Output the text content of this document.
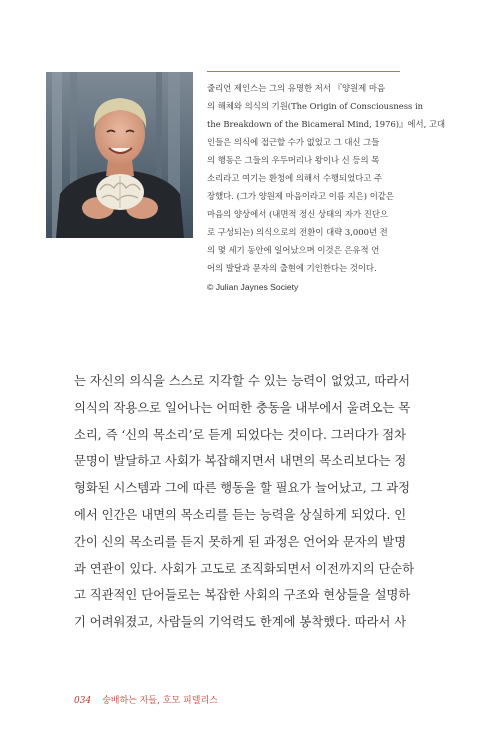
줄리언 제인스는 그의 유명한 저서 『양원제 마음
의 해체와 의식의 기원(The Origin of Consciousness in
the Breakdown of the Bicameral Mind, 1976)』에서, 고대
인들은 의식에 접근할 수가 없었고 그 대신 그들
의 행동은 그들의 우두머리나 왕이나 신 등의 목
소리라고 여기는 환청에 의해서 수행되었다고 주
장했다. (그가 양원제 마음이라고 이름 지은) 이같은
마음의 양상에서 (내면적 정신 상태의 자가 진단으
로 구성되는) 의식으로의 전환이 대략 3,000년 전
의 몇 세기 동안에 일어났으며 이것은 은유적 언
어의 발달과 문자의 출현에 기인한다는 것이다.
© Julian Jaynes Society
는 자신의 의식을 스스로 지각할 수 있는 능력이 없었고, 따라서
의식의 작용으로 일어나는 어떠한 충동을 내부에서 울려오는 목
소리, 즉 ‘신의 목소리’로 듣게 되었다는 것이다. 그러다가 점차
문명이 발달하고 사회가 복잡해지면서 내면의 목소리보다는 정
형화된 시스템과 그에 따른 행동을 할 필요가 늘어났고, 그 과정
에서 인간은 내면의 목소리를 듣는 능력을 상실하게 되었다. 인
간이 신의 목소리를 듣지 못하게 된 과정은 언어와 문자의 발명
과 연관이 있다. 사회가 고도로 조직화되면서 이전까지의 단순하
고 직관적인 단어들로는 복잡한 사회의 구조와 현상들을 설명하
기 어려워졌고, 사람들의 기억력도 한계에 봉착했다. 따라서 사
034 숭배하는 자들, 호모 피델리스
